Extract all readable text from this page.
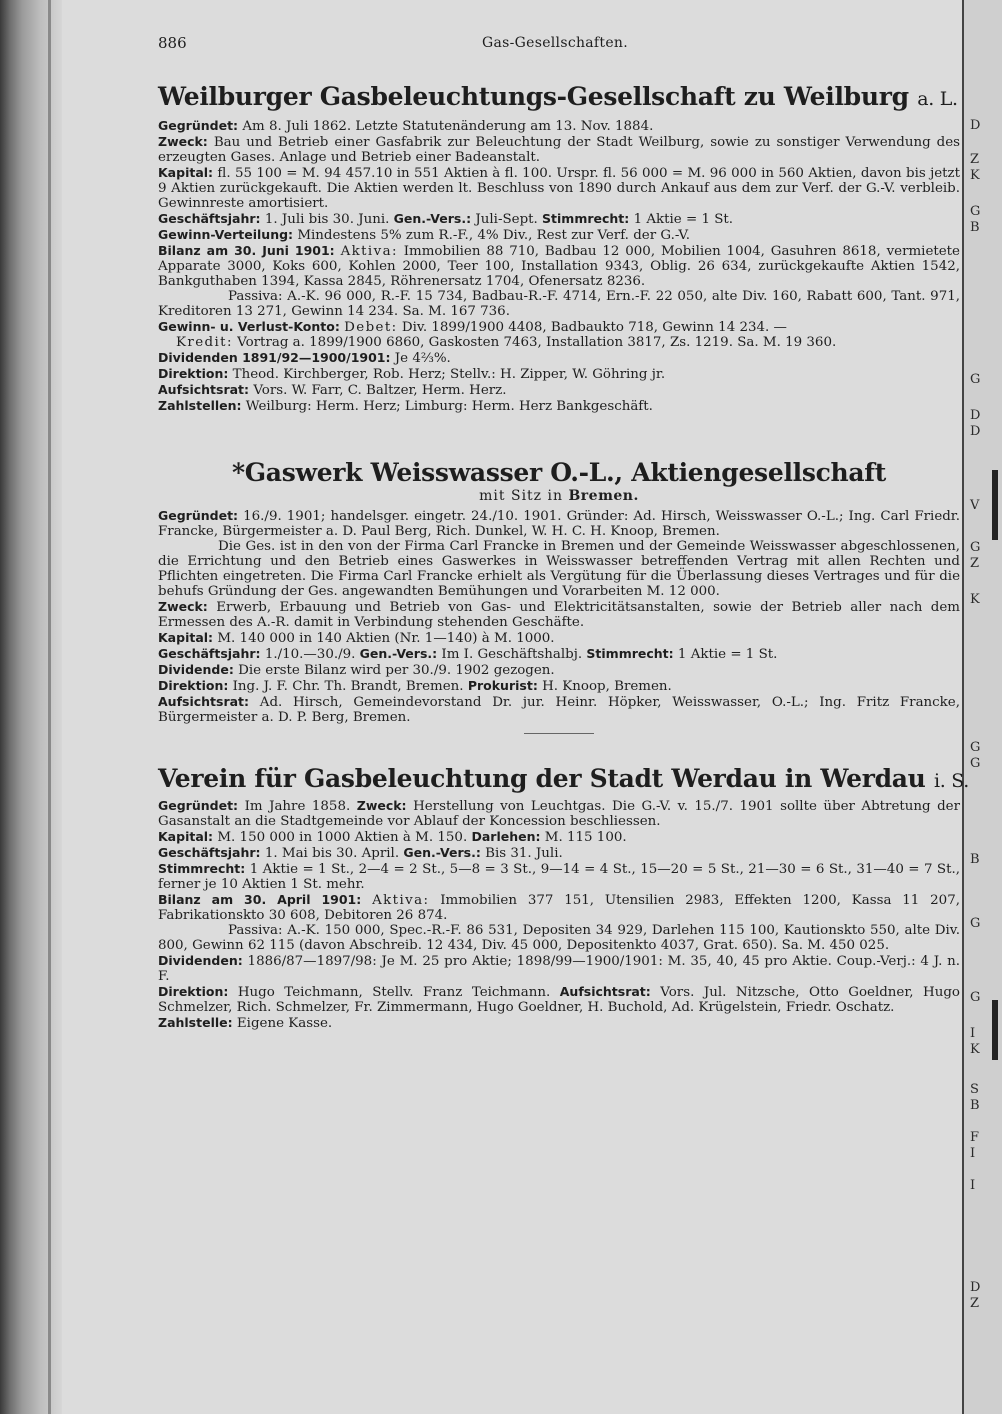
D
Z
K
G
B
G
D
D
V
G
Z
K
G
G
B
G
G
I
K
S
B
F
I
I
D
Z
886	Gas-Gesellschaften.
Weilburger Gasbeleuchtungs-Gesellschaft zu Weilburg a. L.

Gegründet: Am 8. Juli 1862. Letzte Statutenänderung am 13. Nov. 1884.

Zweck: Bau und Betrieb einer Gasfabrik zur Beleuchtung der Stadt Weilburg, sowie zu sonstiger Verwendung des erzeugten Gases. Anlage und Betrieb einer Badeanstalt.

Kapital: fl. 55 100 = M. 94 457.10 in 551 Aktien à fl. 100. Urspr. fl. 56 000 = M. 96 000 in 560 Aktien, davon bis jetzt 9 Aktien zurückgekauft. Die Aktien werden lt. Beschluss von 1890 durch Ankauf aus dem zur Verf. der G.-V. verbleib. Gewinnreste amortisiert.

Geschäftsjahr: 1. Juli bis 30. Juni. Gen.-Vers.: Juli-Sept. Stimmrecht: 1 Aktie = 1 St.

Gewinn-Verteilung: Mindestens 5% zum R.-F., 4% Div., Rest zur Verf. der G.-V.

Bilanz am 30. Juni 1901: Aktiva: Immobilien 88 710, Badbau 12 000, Mobilien 1004, Gasuhren 8618, vermietete Apparate 3000, Koks 600, Kohlen 2000, Teer 100, Installation 9343, Oblig. 26 634, zurückgekaufte Aktien 1542, Bankguthaben 1394, Kassa 2845, Röhrenersatz 1704, Ofenersatz 8236.

Passiva: A.-K. 96 000, R.-F. 15 734, Badbau-R.-F. 4714, Ern.-F. 22 050, alte Div. 160, Rabatt 600, Tant. 971, Kreditoren 13 271, Gewinn 14 234. Sa. M. 167 736.

Gewinn- u. Verlust-Konto: Debet: Div. 1899/1900 4408, Badbaukto 718, Gewinn 14 234. —

Kredit: Vortrag a. 1899/1900 6860, Gaskosten 7463, Installation 3817, Zs. 1219. Sa. M. 19 360.

Dividenden 1891/92—1900/1901: Je 4⅔%.

Direktion: Theod. Kirchberger, Rob. Herz; Stellv.: H. Zipper, W. Göhring jr.

Aufsichtsrat: Vors. W. Farr, C. Baltzer, Herm. Herz.

Zahlstellen: Weilburg: Herm. Herz; Limburg: Herm. Herz Bankgeschäft.

*Gaswerk Weisswasser O.-L., Aktiengesellschaft

mit Sitz in Bremen.

Gegründet: 16./9. 1901; handelsger. eingetr. 24./10. 1901. Gründer: Ad. Hirsch, Weisswasser O.-L.; Ing. Carl Friedr. Francke, Bürgermeister a. D. Paul Berg, Rich. Dunkel, W. H. C. H. Knoop, Bremen.

Die Ges. ist in den von der Firma Carl Francke in Bremen und der Gemeinde Weisswasser abgeschlossenen, die Errichtung und den Betrieb eines Gaswerkes in Weisswasser betreffenden Vertrag mit allen Rechten und Pflichten eingetreten. Die Firma Carl Francke erhielt als Vergütung für die Überlassung dieses Vertrages und für die behufs Gründung der Ges. angewandten Bemühungen und Vorarbeiten M. 12 000.

Zweck: Erwerb, Erbauung und Betrieb von Gas- und Elektricitätsanstalten, sowie der Betrieb aller nach dem Ermessen des A.-R. damit in Verbindung stehenden Geschäfte.

Kapital: M. 140 000 in 140 Aktien (Nr. 1—140) à M. 1000.

Geschäftsjahr: 1./10.—30./9. Gen.-Vers.: Im I. Geschäftshalbj. Stimmrecht: 1 Aktie = 1 St.

Dividende: Die erste Bilanz wird per 30./9. 1902 gezogen.

Direktion: Ing. J. F. Chr. Th. Brandt, Bremen. Prokurist: H. Knoop, Bremen.

Aufsichtsrat: Ad. Hirsch, Gemeindevorstand Dr. jur. Heinr. Höpker, Weisswasser, O.-L.; Ing. Fritz Francke, Bürgermeister a. D. P. Berg, Bremen.

Verein für Gasbeleuchtung der Stadt Werdau in Werdau i. S.

Gegründet: Im Jahre 1858. Zweck: Herstellung von Leuchtgas. Die G.-V. v. 15./7. 1901 sollte über Abtretung der Gasanstalt an die Stadtgemeinde vor Ablauf der Koncession beschliessen.

Kapital: M. 150 000 in 1000 Aktien à M. 150. Darlehen: M. 115 100.

Geschäftsjahr: 1. Mai bis 30. April. Gen.-Vers.: Bis 31. Juli.

Stimmrecht: 1 Aktie = 1 St., 2—4 = 2 St., 5—8 = 3 St., 9—14 = 4 St., 15—20 = 5 St., 21—30 = 6 St., 31—40 = 7 St., ferner je 10 Aktien 1 St. mehr.

Bilanz am 30. April 1901: Aktiva: Immobilien 377 151, Utensilien 2983, Effekten 1200, Kassa 11 207, Fabrikationskto 30 608, Debitoren 26 874.

Passiva: A.-K. 150 000, Spec.-R.-F. 86 531, Depositen 34 929, Darlehen 115 100, Kautionskto 550, alte Div. 800, Gewinn 62 115 (davon Abschreib. 12 434, Div. 45 000, Depositenkto 4037, Grat. 650). Sa. M. 450 025.

Dividenden: 1886/87—1897/98: Je M. 25 pro Aktie; 1898/99—1900/1901: M. 35, 40, 45 pro Aktie. Coup.-Verj.: 4 J. n. F.

Direktion: Hugo Teichmann, Stellv. Franz Teichmann. Aufsichtsrat: Vors. Jul. Nitzsche, Otto Goeldner, Hugo Schmelzer, Rich. Schmelzer, Fr. Zimmermann, Hugo Goeldner, H. Buchold, Ad. Krügelstein, Friedr. Oschatz.

Zahlstelle: Eigene Kasse.
